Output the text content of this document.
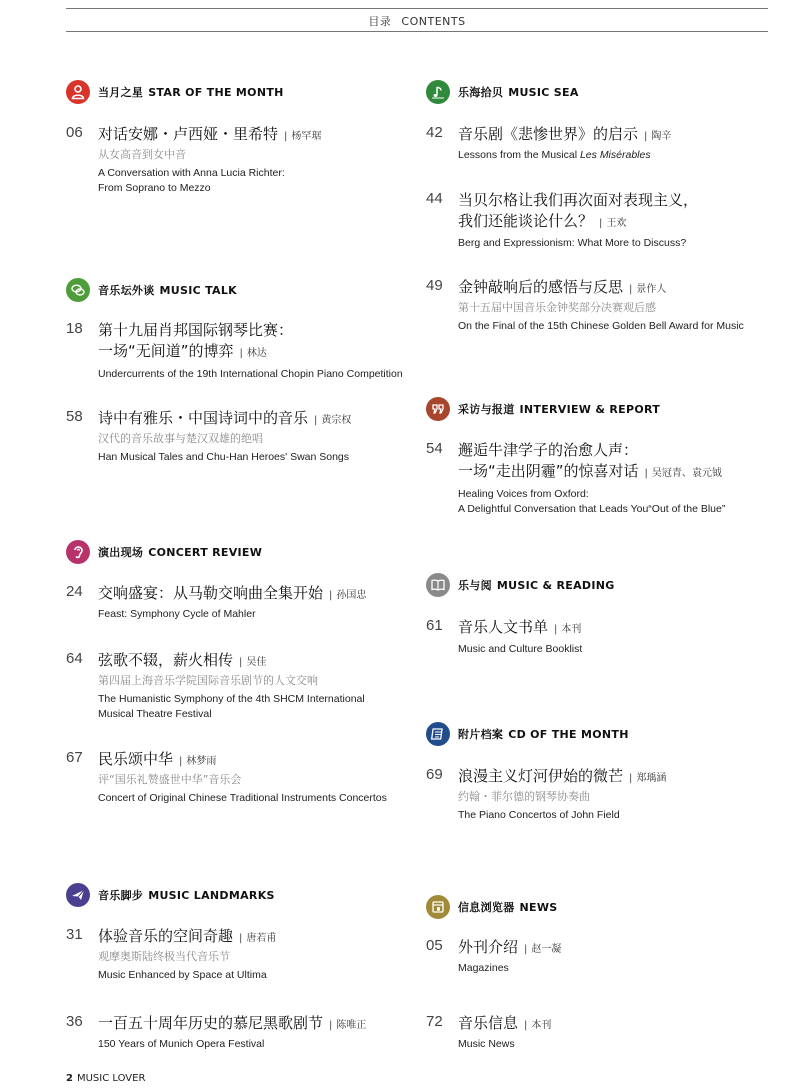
目录 CONTENTS
当月之星 STAR OF THE MONTH
06 对话安娜・卢西娅・里希特 | 杨罕琚
从女高音到女中音
A Conversation with Anna Lucia Richter:
From Soprano to Mezzo
音乐坛外谈 MUSIC TALK
18 第十九届肖邦国际钢琴比赛：
一场“无间道”的博弈 | 林达
Undercurrents of the 19th International Chopin Piano Competition
58 诗中有雅乐・中国诗词中的音乐 | 黄宗权
汉代的音乐故事与楚汉双雄的绝唱
Han Musical Tales and Chu-Han Heroes' Swan Songs
演出现场 CONCERT REVIEW
24 交响盛宴：从马勒交响曲全集开始 | 孙国忠
Feast: Symphony Cycle of Mahler
64 弦歌不辍，薪火相传 | 吴佳
第四届上海音乐学院国际音乐剧节的人文交响
The Humanistic Symphony of the 4th SHCM International
Musical Theatre Festival
67 民乐颂中华 | 林梦雨
评“国乐礼赞盛世中华”音乐会
Concert of Original Chinese Traditional Instruments Concertos
音乐脚步 MUSIC LANDMARKS
31 体验音乐的空间奇趣 | 唐若甫
观摩奥斯陆终极当代音乐节
Music Enhanced by Space at Ultima
36 一百五十周年历史的慕尼黑歌剧节 | 陈唯正
150 Years of Munich Opera Festival
乐海拾贝 MUSIC SEA
42 音乐剧《悲惨世界》的启示 | 陶辛
Lessons from the Musical Les Misérables
44 当贝尔格让我们再次面对表现主义，
我们还能谈论什么？ | 王欢
Berg and Expressionism: What More to Discuss?
49 金钟敲响后的感悟与反思 | 景作人
第十五届中国音乐金钟奖部分决赛观后感
On the Final of the 15th Chinese Golden Bell Award for Music
采访与报道 INTERVIEW & REPORT
54 邂逅牛津学子的治愈人声：
一场“走出阴霾”的惊喜对话 | 吴冠青、袁元钺
Healing Voices from Oxford:
A Delightful Conversation that Leads You“Out of the Blue”
乐与阅 MUSIC & READING
61 音乐人文书单 | 本刊
Music and Culture Booklist
附片档案 CD OF THE MONTH
69 浪漫主义灯河伊始的微芒 | 郑瑀涵
约翰・菲尔德的钢琴协奏曲
The Piano Concertos of John Field
信息浏览器 NEWS
05 外刊介绍 | 赵一凝
Magazines
72 音乐信息 | 本刊
Music News
2 MUSIC LOVER
